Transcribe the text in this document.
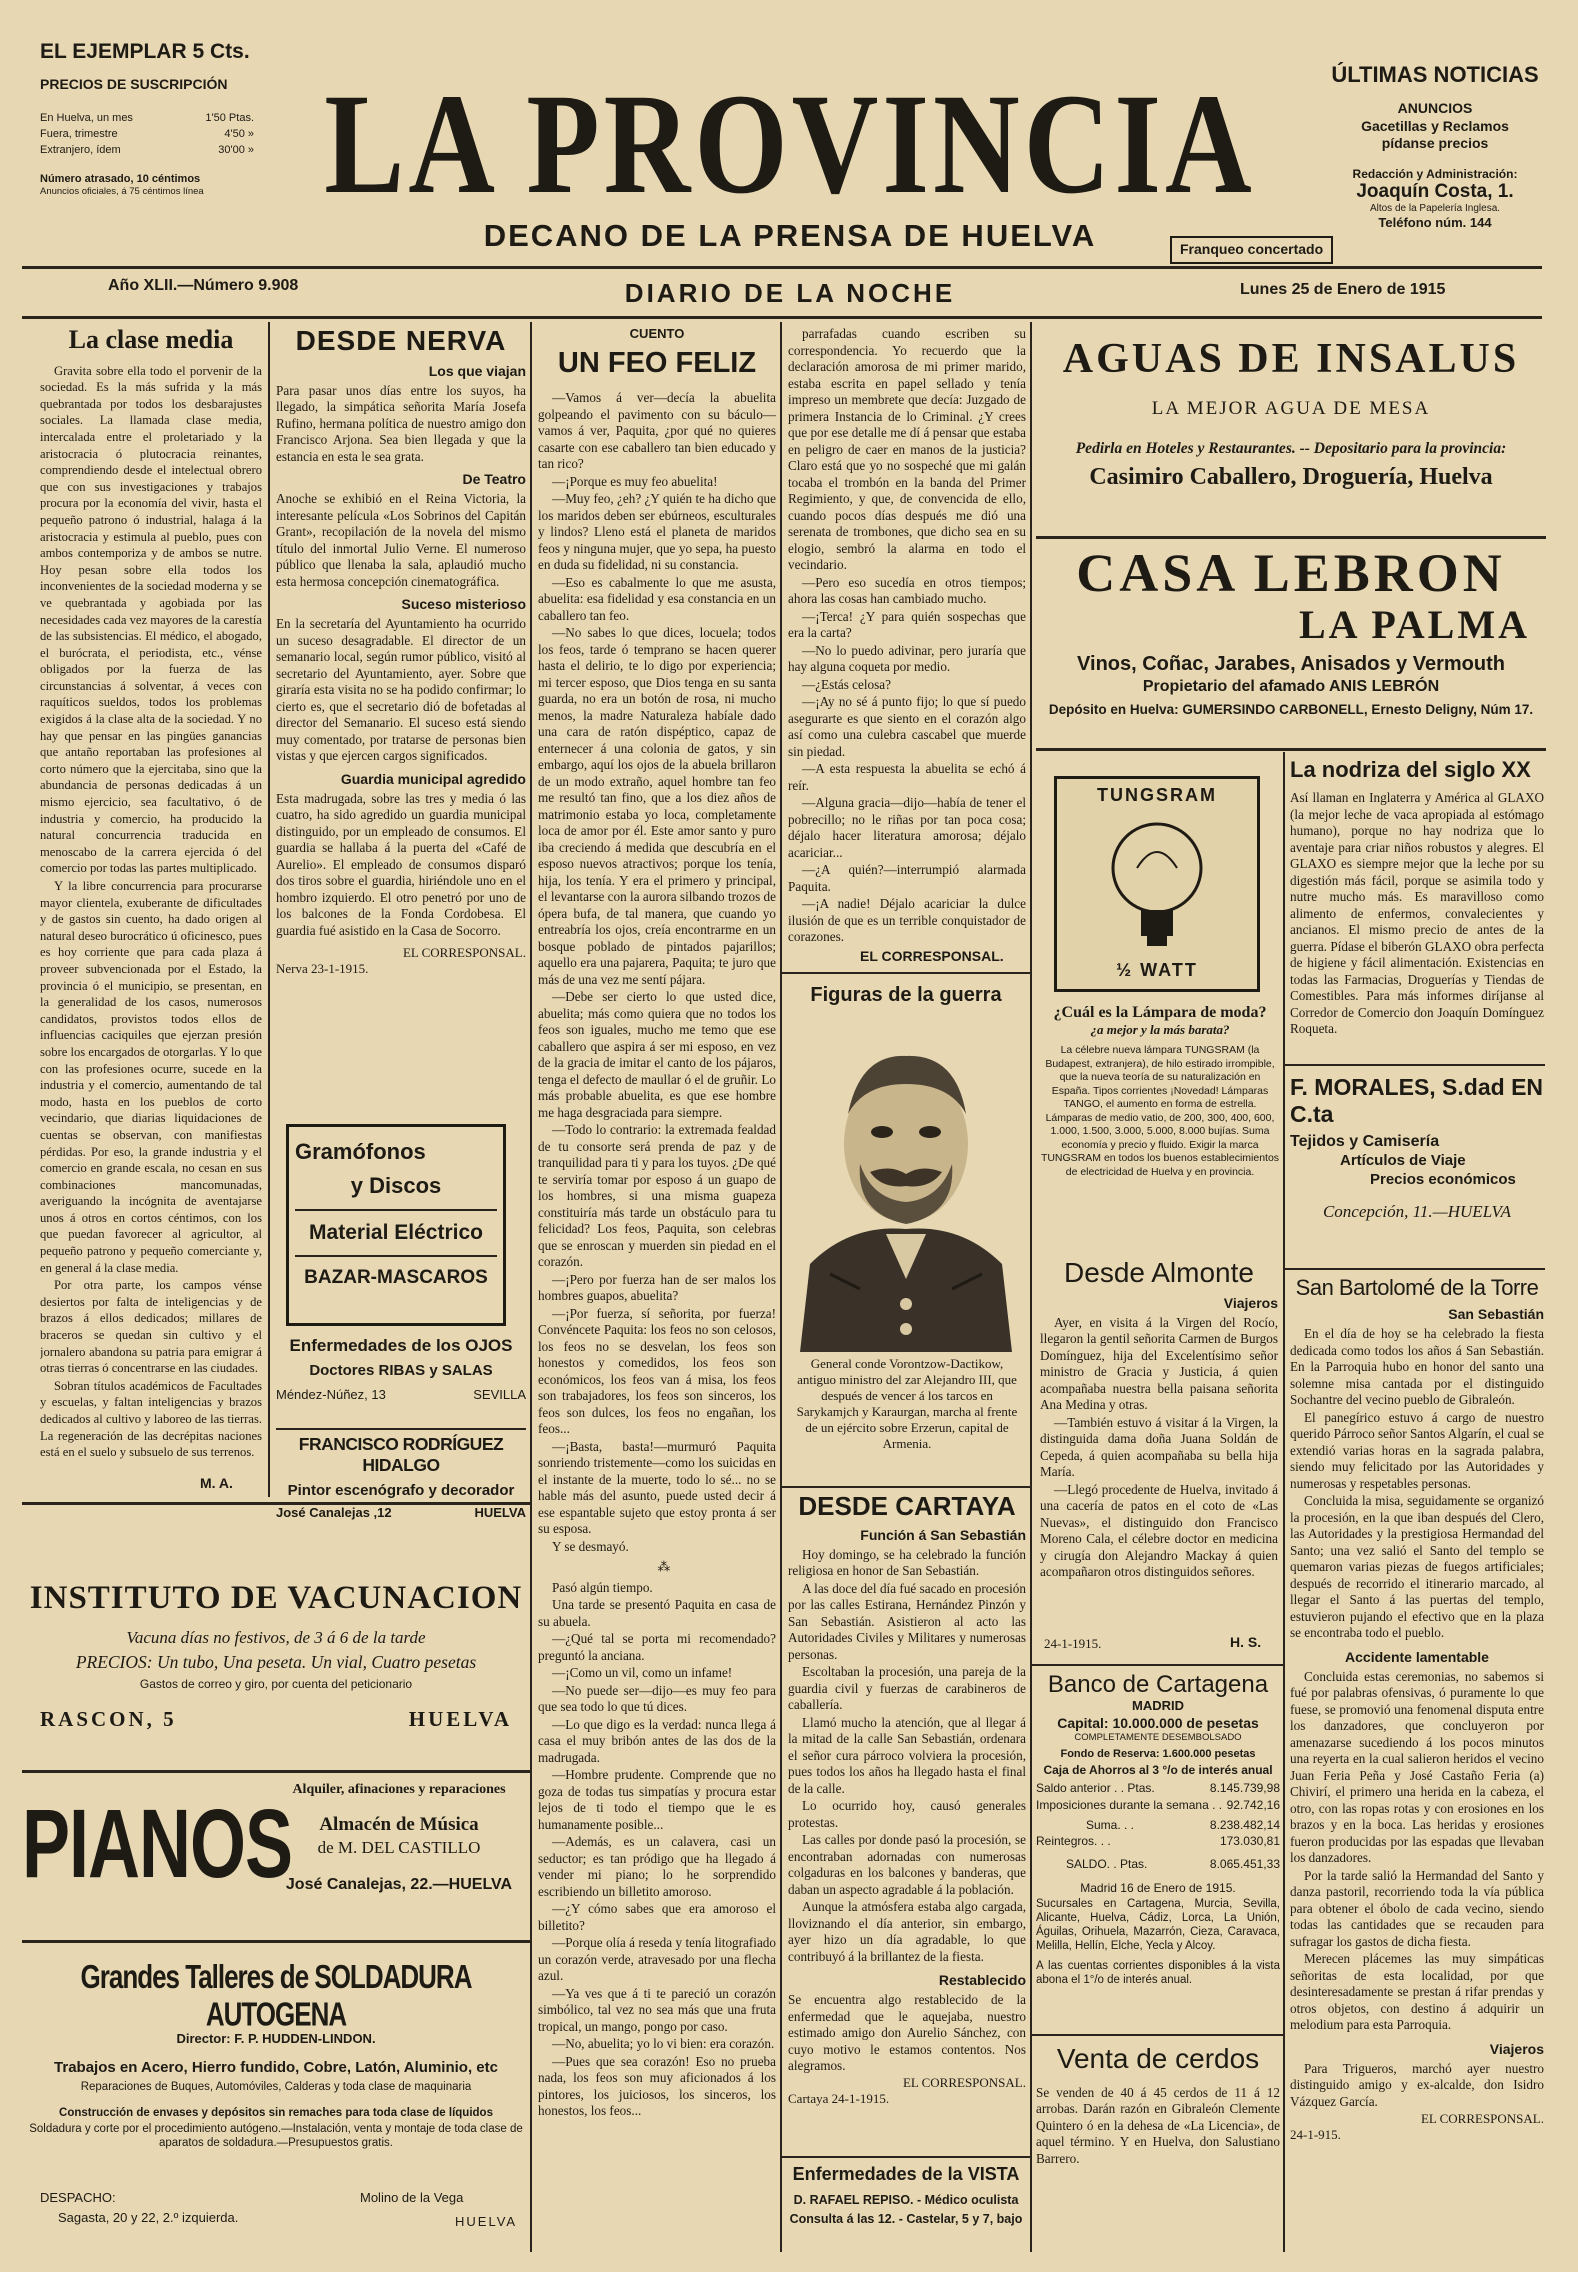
EL EJEMPLAR 5 Cts.
PRECIOS DE SUSCRIPCIÓN
En Huelva, un mes	1'50 Ptas.
Fuera, trimestre	4'50 »
Extranjero, ídem	30'00 »
Número atrasado, 10 céntimos
Anuncios oficiales, á 75 céntimos línea	LA PROVINCIA
DECANO DE LA PRENSA DE HUELVA	Franqueo concertado
ÚLTIMAS NOTICIAS
ANUNCIOS
Gacetillas y Reclamos
pídanse precios
Redacción y Administración:
Joaquín Costa, 1.
Altos de la Papelería Inglesa.
Teléfono núm. 144
Año XLII.—Número 9.908	DIARIO DE LA NOCHE	Lunes 25 de Enero de 1915
La clase media

Gravita sobre ella todo el porvenir de la sociedad. Es la más sufrida y la más quebrantada por todos los desbarajustes sociales. La llamada clase media, intercalada entre el proletariado y la aristocracia ó plutocracia reinantes, comprendiendo desde el intelectual obrero que con sus investigaciones y trabajos procura por la economía del vivir, hasta el pequeño patrono ó industrial, halaga á la aristocracia y estimula al pueblo, pues con ambos contemporiza y de ambos se nutre. Hoy pesan sobre ella todos los inconvenientes de la sociedad moderna y se ve quebrantada y agobiada por las necesidades cada vez mayores de la carestía de las subsistencias. El médico, el abogado, el burócrata, el periodista, etc., vénse obligados por la fuerza de las circunstancias á solventar, á veces con raquíticos sueldos, todos los problemas exigidos á la clase alta de la sociedad. Y no hay que pensar en las pingües ganancias que antaño reportaban las profesiones al corto número que la ejercitaba, sino que la abundancia de personas dedicadas á un mismo ejercicio, sea facultativo, ó de industria y comercio, ha producido la natural concurrencia traducida en menoscabo de la carrera ejercida ó del comercio por todas las partes multiplicado.

Y la libre concurrencia para procurarse mayor clientela, exuberante de dificultades y de gastos sin cuento, ha dado origen al natural deseo burocrático ú oficinesco, pues es hoy corriente que para cada plaza á proveer subvencionada por el Estado, la provincia ó el municipio, se presentan, en la generalidad de los casos, numerosos candidatos, provistos todos ellos de influencias caciquiles que ejerzan presión sobre los encargados de otorgarlas. Y lo que con las profesiones ocurre, sucede en la industria y el comercio, aumentando de tal modo, hasta en los pueblos de corto vecindario, que diarias liquidaciones de cuentas se observan, con manifiestas pérdidas. Por eso, la grande industria y el comercio en grande escala, no cesan en sus combinaciones mancomunadas, averiguando la incógnita de aventajarse unos á otros en cortos céntimos, con los que puedan favorecer al agricultor, al pequeño patrono y pequeño comerciante y, en general á la clase media.

Por otra parte, los campos vénse desiertos por falta de inteligencias y de brazos á ellos dedicados; millares de braceros se quedan sin cultivo y el jornalero abandona su patria para emigrar á otras tierras ó concentrarse en las ciudades.

Sobran títulos académicos de Facultades y escuelas, y faltan inteligencias y brazos dedicados al cultivo y laboreo de las tierras. La regeneración de las decrépitas naciones está en el suelo y subsuelo de sus terrenos.

M. A.
DESDE NERVA
Los que viajan
Para pasar unos días entre los suyos, ha llegado, la simpática señorita María Josefa Rufino, hermana política de nuestro amigo don Francisco Arjona. Sea bien llegada y que la estancia en esta le sea grata.
De Teatro
Anoche se exhibió en el Reina Victoria, la interesante película «Los Sobrinos del Capitán Grant», recopilación de la novela del mismo título del inmortal Julio Verne. El numeroso público que llenaba la sala, aplaudió mucho esta hermosa concepción cinematográfica.
Suceso misterioso
En la secretaría del Ayuntamiento ha ocurrido un suceso desagradable. El director de un semanario local, según rumor público, visitó al secretario del Ayuntamiento, ayer. Sobre que giraría esta visita no se ha podido confirmar; lo cierto es, que el secretario dió de bofetadas al director del Semanario. El suceso está siendo muy comentado, por tratarse de personas bien vistas y que ejercen cargos significados.
Guardia municipal agredido
Esta madrugada, sobre las tres y media ó las cuatro, ha sido agredido un guardia municipal distinguido, por un empleado de consumos. El guardia se hallaba á la puerta del «Café de Aurelio». El empleado de consumos disparó dos tiros sobre el guardia, hiriéndole uno en el hombro izquierdo. El otro penetró por uno de los balcones de la Fonda Cordobesa. El guardia fué asistido en la Casa de Socorro.
EL CORRESPONSAL.
Nerva 23-1-1915.
Gramófonos
y Discos
Material Eléctrico
BAZAR-MASCAROS
Enfermedades de los OJOS
Doctores RIBAS y SALAS
Méndez-Núñez, 13	SEVILLA
FRANCISCO RODRÍGUEZ HIDALGO
Pintor escenógrafo y decorador
José Canalejas ,12	HUELVA
INSTITUTO DE VACUNACION
Vacuna días no festivos, de 3 á 6 de la tarde
PRECIOS: Un tubo, Una peseta. Un vial, Cuatro pesetas
Gastos de correo y giro, por cuenta del peticionario
RASCON, 5	HUELVA
PIANOS
Alquiler, afinaciones y reparaciones
Almacén de Música
de M. DEL CASTILLO
José Canalejas, 22.—HUELVA
Grandes Talleres de SOLDADURA AUTOGENA
Director: F. P. HUDDEN-LINDON.
Trabajos en Acero, Hierro fundido, Cobre, Latón, Aluminio, etc
Reparaciones de Buques, Automóviles, Calderas y toda clase de maquinaria
Construcción de envases y depósitos sin remaches para toda clase de líquidos
Soldadura y corte por el procedimiento autógeno.—Instalación, venta y montaje de toda clase de aparatos de soldadura.—Presupuestos gratis.
DESPACHO:
Sagasta, 20 y 22, 2.º izquierda.
Molino de la Vega
HUELVA
CUENTO
UN FEO FELIZ

—Vamos á ver—decía la abuelita golpeando el pavimento con su báculo—vamos á ver, Paquita, ¿por qué no quieres casarte con ese caballero tan bien educado y tan rico?

—¡Porque es muy feo abuelita!

—Muy feo, ¿eh? ¿Y quién te ha dicho que los maridos deben ser ebúrneos, esculturales y lindos? Lleno está el planeta de maridos feos y ninguna mujer, que yo sepa, ha puesto en duda su fidelidad, ni su constancia.

—Eso es cabalmente lo que me asusta, abuelita: esa fidelidad y esa constancia en un caballero tan feo.

—No sabes lo que dices, locuela; todos los feos, tarde ó temprano se hacen querer hasta el delirio, te lo digo por experiencia; mi tercer esposo, que Dios tenga en su santa guarda, no era un botón de rosa, ni mucho menos, la madre Naturaleza habíale dado una cara de ratón dispéptico, capaz de enternecer á una colonia de gatos, y sin embargo, aquí los ojos de la abuela brillaron de un modo extraño, aquel hombre tan feo me resultó tan fino, que a los diez años de matrimonio estaba yo loca, completamente loca de amor por él. Este amor santo y puro iba creciendo á medida que descubría en el esposo nuevos atractivos; porque los tenía, hija, los tenía. Y era el primero y principal, el levantarse con la aurora silbando trozos de ópera bufa, de tal manera, que cuando yo entreabría los ojos, creía encontrarme en un bosque poblado de pintados pajarillos; aquello era una pajarera, Paquita; te juro que más de una vez me sentí pájara.

—Debe ser cierto lo que usted dice, abuelita; más como quiera que no todos los feos son iguales, mucho me temo que ese caballero que aspira á ser mi esposo, en vez de la gracia de imitar el canto de los pájaros, tenga el defecto de maullar ó el de gruñir. Lo más probable abuelita, es que ese hombre me haga desgraciada para siempre.

—Todo lo contrario: la extremada fealdad de tu consorte será prenda de paz y de tranquilidad para ti y para los tuyos. ¿De qué te serviría tomar por esposo á un guapo de los hombres, si una misma guapeza constituiría más tarde un obstáculo para tu felicidad? Los feos, Paquita, son celebras que se enroscan y muerden sin piedad en el corazón.

—¡Pero por fuerza han de ser malos los hombres guapos, abuelita?

—¡Por fuerza, sí señorita, por fuerza! Convéncete Paquita: los feos no son celosos, los feos no se desvelan, los feos son honestos y comedidos, los feos son económicos, los feos van á misa, los feos son trabajadores, los feos son sinceros, los feos son dulces, los feos no engañan, los feos...

—¡Basta, basta!—murmuró Paquita sonriendo tristemente—como los suicidas en el instante de la muerte, todo lo sé... no se hable más del asunto, puede usted decir á ese espantable sujeto que estoy pronta á ser su esposa.

Y se desmayó.

⁂

Pasó algún tiempo.

Una tarde se presentó Paquita en casa de su abuela.

—¿Qué tal se porta mi recomendado? preguntó la anciana.

—¡Como un vil, como un infame!

—No puede ser—dijo—es muy feo para que sea todo lo que tú dices.

—Lo que digo es la verdad: nunca llega á casa el muy bribón antes de las dos de la madrugada.

—Hombre prudente. Comprende que no goza de todas tus simpatías y procura estar lejos de ti todo el tiempo que le es humanamente posible...

—Además, es un calavera, casi un seductor; es tan pródigo que ha llegado á vender mi piano; lo he sorprendido escribiendo un billetito amoroso.

—¿Y cómo sabes que era amoroso el billetito?

—Porque olía á reseda y tenía litografiado un corazón verde, atravesado por una flecha azul.

—Ya ves que á ti te pareció un corazón simbólico, tal vez no sea más que una fruta tropical, un mango, pongo por caso.

—No, abuelita; yo lo vi bien: era corazón.

—Pues que sea corazón! Eso no prueba nada, los feos son muy aficionados á los pintores, los juiciosos, los sinceros, los honestos, los feos...

parrafadas cuando escriben su correspondencia. Yo recuerdo que la declaración amorosa de mi primer marido, estaba escrita en papel sellado y tenía impreso un membrete que decía: Juzgado de primera Instancia de lo Criminal. ¿Y crees que por ese detalle me dí á pensar que estaba en peligro de caer en manos de la justicia? Claro está que yo no sospeché que mi galán tocaba el trombón en la banda del Primer Regimiento, y que, de convencida de ello, cuando pocos días después me dió una serenata de trombones, que dicho sea en su elogio, sembró la alarma en todo el vecindario.

—Pero eso sucedía en otros tiempos; ahora las cosas han cambiado mucho.

—¡Terca! ¿Y para quién sospechas que era la carta?

—No lo puedo adivinar, pero juraría que hay alguna coqueta por medio.

—¿Estás celosa?

—¡Ay no sé á punto fijo; lo que sí puedo asegurarte es que siento en el corazón algo así como una culebra cascabel que muerde sin piedad.

—A esta respuesta la abuelita se echó á reír.

—Alguna gracia—dijo—había de tener el pobrecillo; no le riñas por tan poca cosa; déjalo hacer literatura amorosa; déjalo acariciar...

—¿A quién?—interrumpió alarmada Paquita.

—¡A nadie! Déjalo acariciar la dulce ilusión de que es un terrible conquistador de corazones.

EL CORRESPONSAL.
Figuras de la guerra
General conde Vorontzow-Dactikow, antiguo ministro del zar Alejandro III, que después de vencer á los tarcos en Sarykamjch y Karaurgan, marcha al frente de un ejército sobre Erzerun, capital de Armenia.
DESDE CARTAYA
Función á San Sebastián

Hoy domingo, se ha celebrado la función religiosa en honor de San Sebastián.

A las doce del día fué sacado en procesión por las calles Estirana, Hernández Pinzón y San Sebastián. Asistieron al acto las Autoridades Civiles y Militares y numerosas personas.

Escoltaban la procesión, una pareja de la guardia civil y fuerzas de carabineros de caballería.

Llamó mucho la atención, que al llegar á la mitad de la calle San Sebastián, ordenara el señor cura párroco volviera la procesión, pues todos los años ha llegado hasta el final de la calle.

Lo ocurrido hoy, causó generales protestas.

Las calles por donde pasó la procesión, se encontraban adornadas con numerosas colgaduras en los balcones y banderas, que daban un aspecto agradable á la población.

Aunque la atmósfera estaba algo cargada, lloviznando el día anterior, sin embargo, ayer hizo un día agradable, lo que contribuyó á la brillantez de la fiesta.

Restablecido
Se encuentra algo restablecido de la enfermedad que le aquejaba, nuestro estimado amigo don Aurelio Sánchez, con cuyo motivo le estamos contentos. Nos alegramos.
EL CORRESPONSAL.
Cartaya 24-1-1915.
Enfermedades de la VISTA
D. RAFAEL REPISO. - Médico oculista
Consulta á las 12. - Castelar, 5 y 7, bajo
AGUAS DE INSALUS
LA MEJOR AGUA DE MESA
Pedirla en Hoteles y Restaurantes. -- Depositario para la provincia:
Casimiro Caballero, Droguería, Huelva
CASA LEBRON
LA PALMA
Vinos, Coñac, Jarabes, Anisados y Vermouth
Propietario del afamado ANIS LEBRÓN
Depósito en Huelva: GUMERSINDO CARBONELL, Ernesto Deligny, Núm 17.
TUNGSRAM
½ WATT
¿Cuál es la Lámpara de moda?
¿a mejor y la más barata?
La célebre nueva lámpara TUNGSRAM (la Budapest, extranjera), de hilo estirado irrompible, que la nueva teoría de su naturalización en España. Tipos corrientes ¡Novedad! Lámparas TANGO, el aumento en forma de estrella. Lámparas de medio vatio, de 200, 300, 400, 600, 1.000, 1.500, 3.000, 5.000, 8.000 bujías. Suma economía y precio y fluido. Exigir la marca TUNGSRAM en todos los buenos establecimientos de electricidad de Huelva y en provincia.
La nodriza del siglo XX
Así llaman en Inglaterra y América al GLAXO (la mejor leche de vaca apropiada al estómago humano), porque no hay nodriza que lo aventaje para criar niños robustos y alegres. El GLAXO es siempre mejor que la leche por su digestión más fácil, porque se asimila todo y nutre mucho más. Es maravilloso como alimento de enfermos, convalecientes y ancianos. El mismo precio de antes de la guerra. Pídase el biberón GLAXO obra perfecta de higiene y fácil alimentación. Existencias en todas las Farmacias, Droguerías y Tiendas de Comestibles. Para más informes diríjanse al Corredor de Comercio don Joaquín Domínguez Roqueta.
F. MORALES, S.dad EN C.ta
Tejidos y Camisería
Artículos de Viaje
Precios económicos
Concepción, 11.—HUELVA
Desde Almonte
Viajeros

Ayer, en visita á la Virgen del Rocío, llegaron la gentil señorita Carmen de Burgos Domínguez, hija del Excelentísimo señor ministro de Gracia y Justicia, á quien acompañaba nuestra bella paisana señorita Ana Medina y otras.

—También estuvo á visitar á la Virgen, la distinguida dama doña Juana Soldán de Cepeda, á quien acompañaba su bella hija María.

—Llegó procedente de Huelva, invitado á una cacería de patos en el coto de «Las Nuevas», el distinguido don Francisco Moreno Cala, el célebre doctor en medicina y cirugía don Alejandro Mackay á quien acompañaron otros distinguidos señores.

24-1-1915.	H. S.
Banco de Cartagena
MADRID
Capital: 10.000.000 de pesetas
COMPLETAMENTE DESEMBOLSADO
Fondo de Reserva: 1.600.000 pesetas
Caja de Ahorros al 3 °/o de interés anual
Saldo anterior . . Ptas.	8.145.739,98
Imposiciones durante la semana . . 92.742,16
Suma. . .	8.238.482,14
Reintegros. . .	173.030,81
SALDO. . Ptas.	8.065.451,33
Madrid 16 de Enero de 1915.
Sucursales en Cartagena, Murcia, Sevilla, Alicante, Huelva, Cádiz, Lorca, La Unión, Águilas, Orihuela, Mazarrón, Cieza, Caravaca, Melilla, Hellín, Elche, Yecla y Alcoy.
A las cuentas corrientes disponibles á la vista abona el 1°/o de interés anual.
Venta de cerdos
Se venden de 40 á 45 cerdos de 11 á 12 arrobas. Darán razón en Gibraleón Clemente Quintero ó en la dehesa de «La Licencia», de aquel término. Y en Huelva, don Salustiano Barrero.
San Bartolomé de la Torre
San Sebastián

En el día de hoy se ha celebrado la fiesta dedicada como todos los años á San Sebastián. En la Parroquia hubo en honor del santo una solemne misa cantada por el distinguido Sochantre del vecino pueblo de Gibraleón.

El panegírico estuvo á cargo de nuestro querido Párroco señor Santos Algarín, el cual se extendió varias horas en la sagrada palabra, siendo muy felicitado por las Autoridades y numerosas y respetables personas.

Concluida la misa, seguidamente se organizó la procesión, en la que iban después del Clero, las Autoridades y la prestigiosa Hermandad del Santo; una vez salió el Santo del templo se quemaron varias piezas de fuegos artificiales; después de recorrido el itinerario marcado, al llegar el Santo á las puertas del templo, estuvieron pujando el efectivo que en la plaza se encontraba todo el pueblo.

Accidente lamentable

Concluida estas ceremonias, no sabemos si fué por palabras ofensivas, ó puramente lo que fuese, se promovió una fenomenal disputa entre los danzadores, que concluyeron por amenazarse sucediendo á los pocos minutos una reyerta en la cual salieron heridos el vecino Juan Feria Peña y José Castaño Feria (a) Chivirí, el primero una herida en la cabeza, el otro, con las ropas rotas y con erosiones en los brazos y en la boca. Las heridas y erosiones fueron producidas por las espadas que llevaban los danzadores.

Por la tarde salió la Hermandad del Santo y danza pastoril, recorriendo toda la vía pública para obtener el óbolo de cada vecino, siendo todas las cantidades que se recauden para sufragar los gastos de dicha fiesta.

Merecen plácemes las muy simpáticas señoritas de esta localidad, por que desinteresadamente se prestan á rifar prendas y otros objetos, con destino á adquirir un melodium para esta Parroquia.

Viajeros

Para Trigueros, marchó ayer nuestro distinguido amigo y ex-alcalde, don Isidro Vázquez García.

EL CORRESPONSAL.
24-1-915.
